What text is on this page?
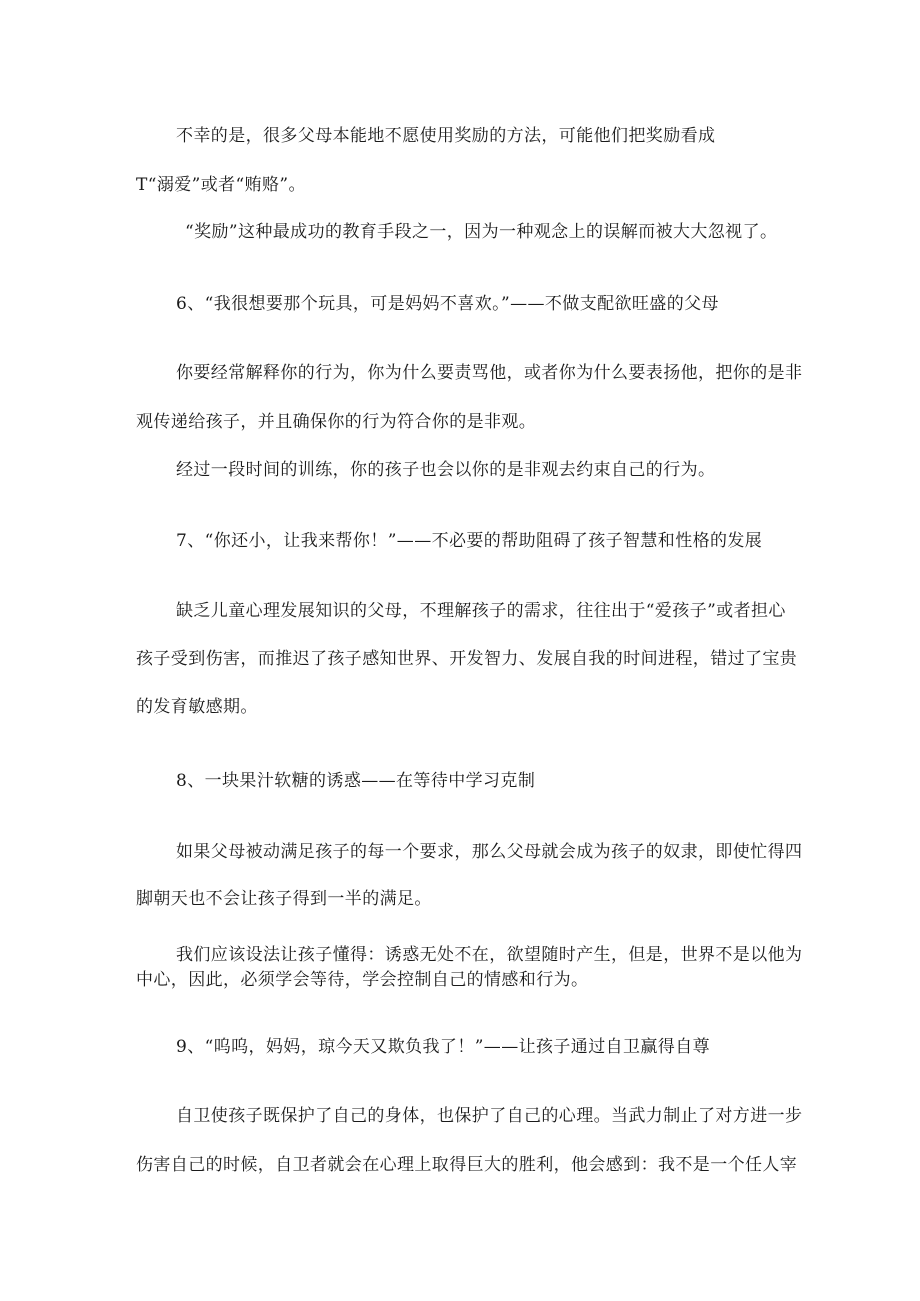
不幸的是，很多父母本能地不愿使用奖励的方法，可能他们把奖励看成

T“溺爱”或者“贿赂”。

“奖励”这种最成功的教育手段之一，因为一种观念上的误解而被大大忽视了。

6、“我很想要那个玩具，可是妈妈不喜欢。”——不做支配欲旺盛的父母

你要经常解释你的行为，你为什么要责骂他，或者你为什么要表扬他，把你的是非

观传递给孩子，并且确保你的行为符合你的是非观。

经过一段时间的训练，你的孩子也会以你的是非观去约束自己的行为。

7、“你还小，让我来帮你！”——不必要的帮助阻碍了孩子智慧和性格的发展

缺乏儿童心理发展知识的父母，不理解孩子的需求，往往出于“爱孩子”或者担心

孩子受到伤害，而推迟了孩子感知世界、开发智力、发展自我的时间进程，错过了宝贵

的发育敏感期。

8、一块果汁软糖的诱惑——在等待中学习克制

如果父母被动满足孩子的每一个要求，那么父母就会成为孩子的奴隶，即使忙得四

脚朝天也不会让孩子得到一半的满足。

我们应该设法让孩子懂得：诱惑无处不在，欲望随时产生，但是，世界不是以他为

中心，因此，必须学会等待，学会控制自己的情感和行为。

9、“呜呜，妈妈，琼今天又欺负我了！”——让孩子通过自卫赢得自尊

自卫使孩子既保护了自己的身体，也保护了自己的心理。当武力制止了对方进一步

伤害自己的时候，自卫者就会在心理上取得巨大的胜利，他会感到：我不是一个任人宰
